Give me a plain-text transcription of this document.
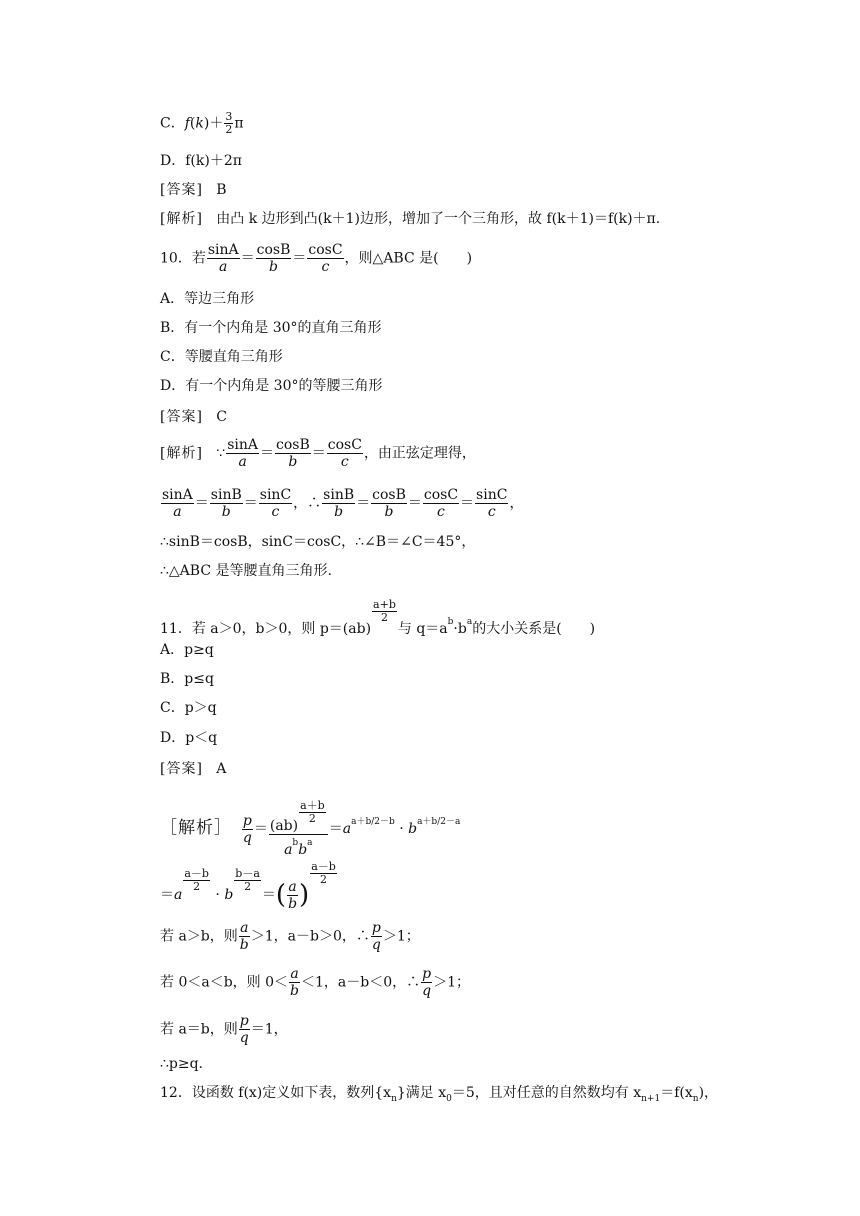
C．$f(k)+ \frac{3}{2}$ π
D．f(k)＋2π
[答案] B
[解析] 由凸 k 边形到凸(k＋1)边形，增加了一个三角形，故 f(k＋1)＝f(k)＋π.
10．若 $\frac{\sin A}{a} = \frac{\cos B}{b} = \frac{\cos C}{c}$ ，则△ABC 是(　　)
A．等边三角形
B．有一个内角是 30°的直角三角形
C．等腰直角三角形
D．有一个内角是 30°的等腰三角形
[答案] C
[解析] ∵ $\frac{\sin A}{a} = \frac{\cos B}{b} = \frac{\cos C}{c}$ ，由正弦定理得，
$\frac{\sin A}{a} = \frac{\sin B}{b} = \frac{\sin C}{c}$ ，∴ $\frac{\sin B}{b} = \frac{\cos B}{b} = \frac{\cos C}{c} = \frac{\sin C}{c}$ ，
∴sinB＝cosB，sinC＝cosC，∴∠B＝∠C＝45°，
∴△ABC 是等腰直角三角形.
11．若 a＞0，b＞0，则 p＝(ab)
$\frac{a+b}{2}$
与 $q=a^b\cdot b^a$的大小关系是(　　)
A．p≥q
B．p≤q
C．p＞q
D．p＜q
[答案] A
［解析］ $\frac{p}{q} = (ab)$
$\frac{a+b}{2}$
$a^bb^a =a^{a+b/2-b} \cdot b^{a+b/2-a}$
＝a
$\frac{a-b}{2}$
· b
$\frac{b-a}{2}$
＝( $\frac{a}{b}$ )
$\frac{a-b}{2}$
若 a＞b，则 $\frac{a}{b} >1$，a－b＞0，∴ $\frac{p}{q} >1$；
若 0＜a＜b，则 $0< \frac{a}{b} <1$，a－b＜0，∴ $\frac{p}{q} >1$；
若 a＝b，则 $\frac{p}{q} =1$，
∴p≥q.
12．设函数 f(x)定义如下表，数列$\{x_n\}$满足 $x_0=5$，且对任意的自然数均有 $x_{n+1}=f(x_n)$，
